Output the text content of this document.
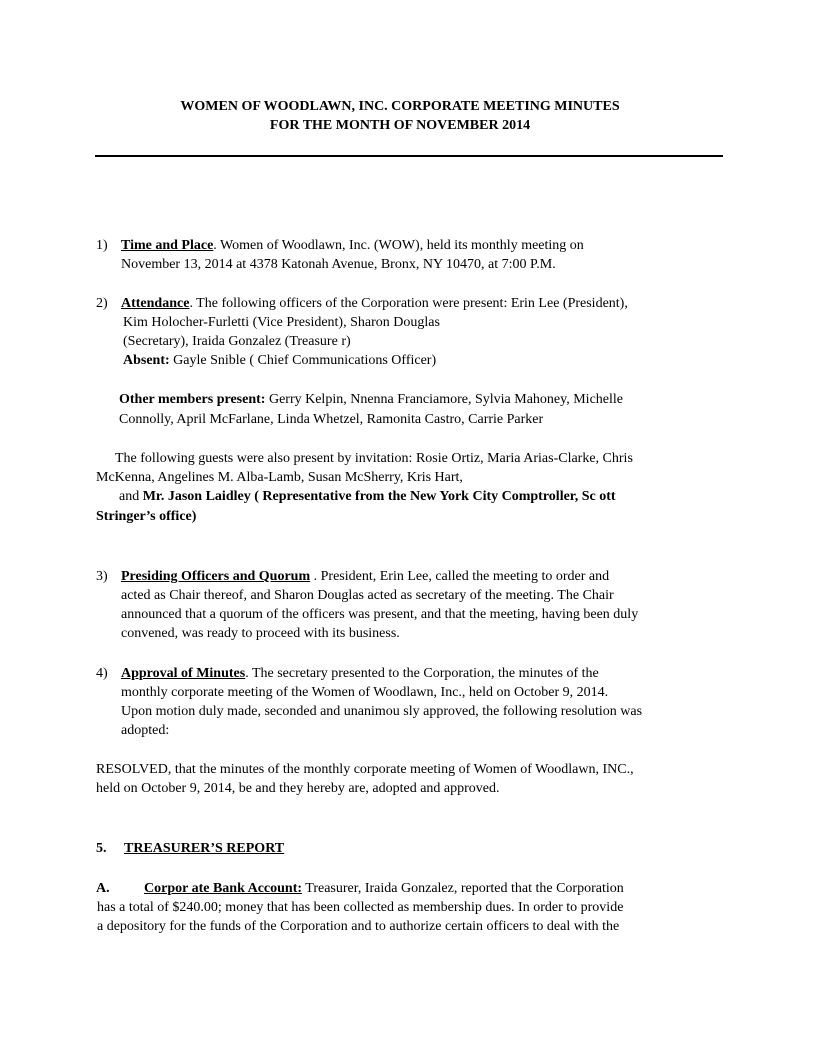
WOMEN OF WOODLAWN, INC. CORPORATE MEETING MINUTES
FOR THE MONTH OF NOVEMBER 2014
1) Time and Place. Women of Woodlawn, Inc. (WOW), held its monthly meeting on
November 13, 2014 at 4378 Katonah Avenue, Bronx, NY 10470, at 7:00 P.M.
2) Attendance. The following officers of the Corporation were present: Erin Lee (President),
Kim Holocher-Furletti (Vice President), Sharon Douglas
(Secretary), Iraida Gonzalez (Treasure r)
Absent: Gayle Snible ( Chief Communications Officer)
Other members present: Gerry Kelpin, Nnenna Franciamore, Sylvia Mahoney, Michelle
Connolly, April McFarlane, Linda Whetzel, Ramonita Castro, Carrie Parker
The following guests were also present by invitation: Rosie Ortiz, Maria Arias-Clarke, Chris
McKenna, Angelines M. Alba-Lamb, Susan McSherry, Kris Hart,
and Mr. Jason Laidley ( Representative from the New York City Comptroller, Sc ott
Stringer’s office)
3) Presiding Officers and Quorum . President, Erin Lee, called the meeting to order and
acted as Chair thereof, and Sharon Douglas acted as secretary of the meeting. The Chair
announced that a quorum of the officers was present, and that the meeting, having been duly
convened, was ready to proceed with its business.
4) Approval of Minutes. The secretary presented to the Corporation, the minutes of the
monthly corporate meeting of the Women of Woodlawn, Inc., held on October 9, 2014.
Upon motion duly made, seconded and unanimou sly approved, the following resolution was
adopted:
RESOLVED, that the minutes of the monthly corporate meeting of Women of Woodlawn, INC.,
held on October 9, 2014, be and they hereby are, adopted and approved.
5. TREASURER’S REPORT
A. Corpor ate Bank Account: Treasurer, Iraida Gonzalez, reported that the Corporation
has a total of $240.00; money that has been collected as membership dues. In order to provide
a depository for the funds of the Corporation and to authorize certain officers to deal with the
